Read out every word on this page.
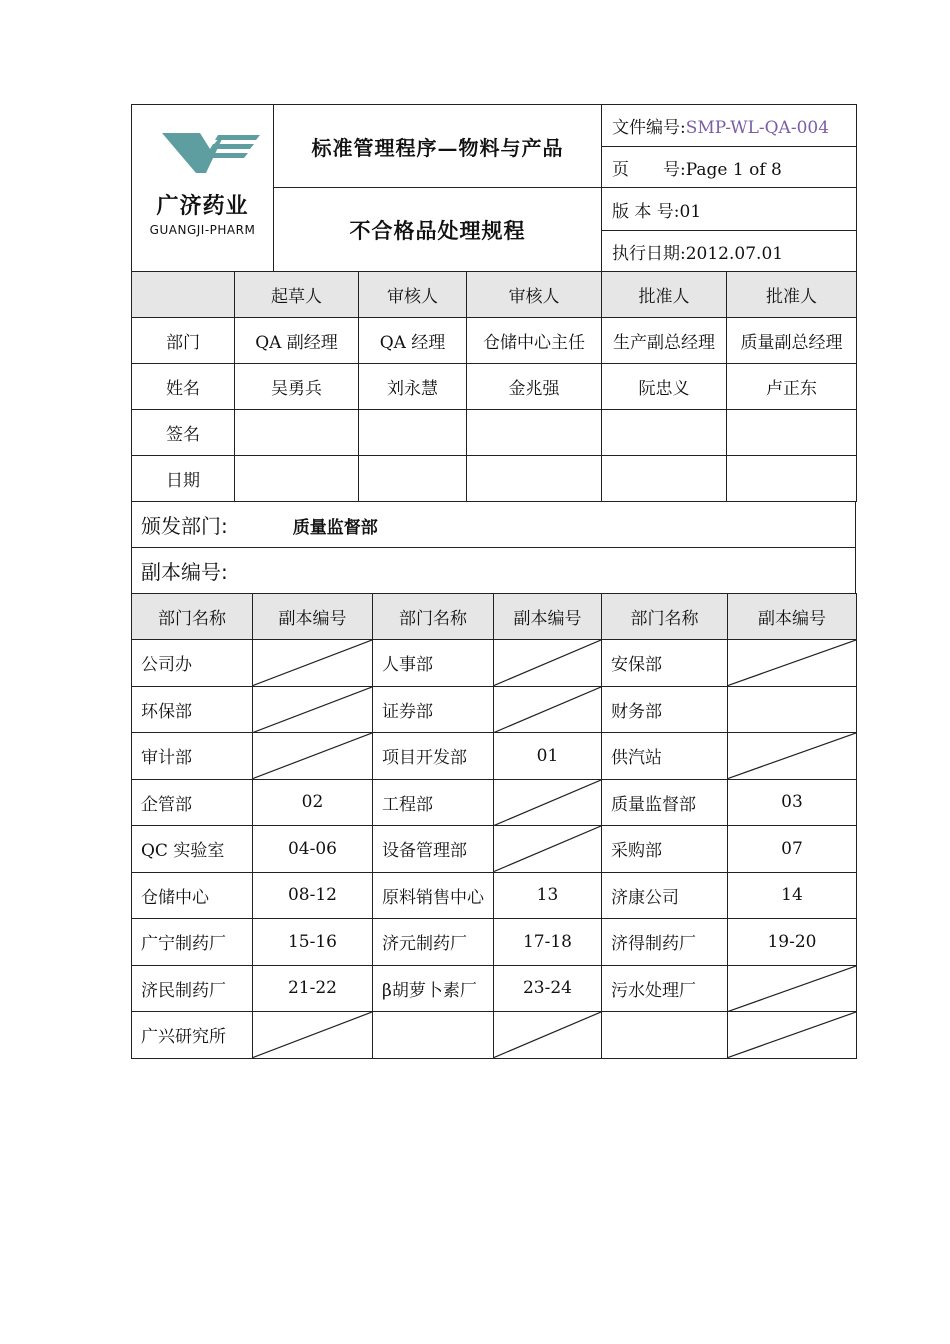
广济药业
GUANGJI-PHARM	标准管理程序—物料与产品	文件编号:SMP-WL-QA-004
		页　　号:Page 1 of 8
	不合格品处理规程	版 本 号:01
		执行日期:2012.07.01
	起草人	审核人	审核人	批准人	批准人
部门	QA 副经理	QA 经理	仓储中心主任	生产副总经理	质量副总经理
姓名	吴勇兵	刘永慧	金兆强	阮忠义	卢正东
签名					
日期					
颁发部门:	质量监督部
副本编号:
部门名称	副本编号	部门名称	副本编号	部门名称	副本编号
公司办		人事部		安保部	

环保部		证券部		财务部	
审计部		项目开发部	01	供汽站	

企管部	02	工程部		质量监督部	03
QC 实验室	04-06	设备管理部		采购部	07
仓储中心	08-12	原料销售中心	13	济康公司	14
广宁制药厂	15-16	济元制药厂	17-18	济得制药厂	19-20
济民制药厂	21-22	β胡萝卜素厂	23-24	污水处理厂	

广兴研究所	
